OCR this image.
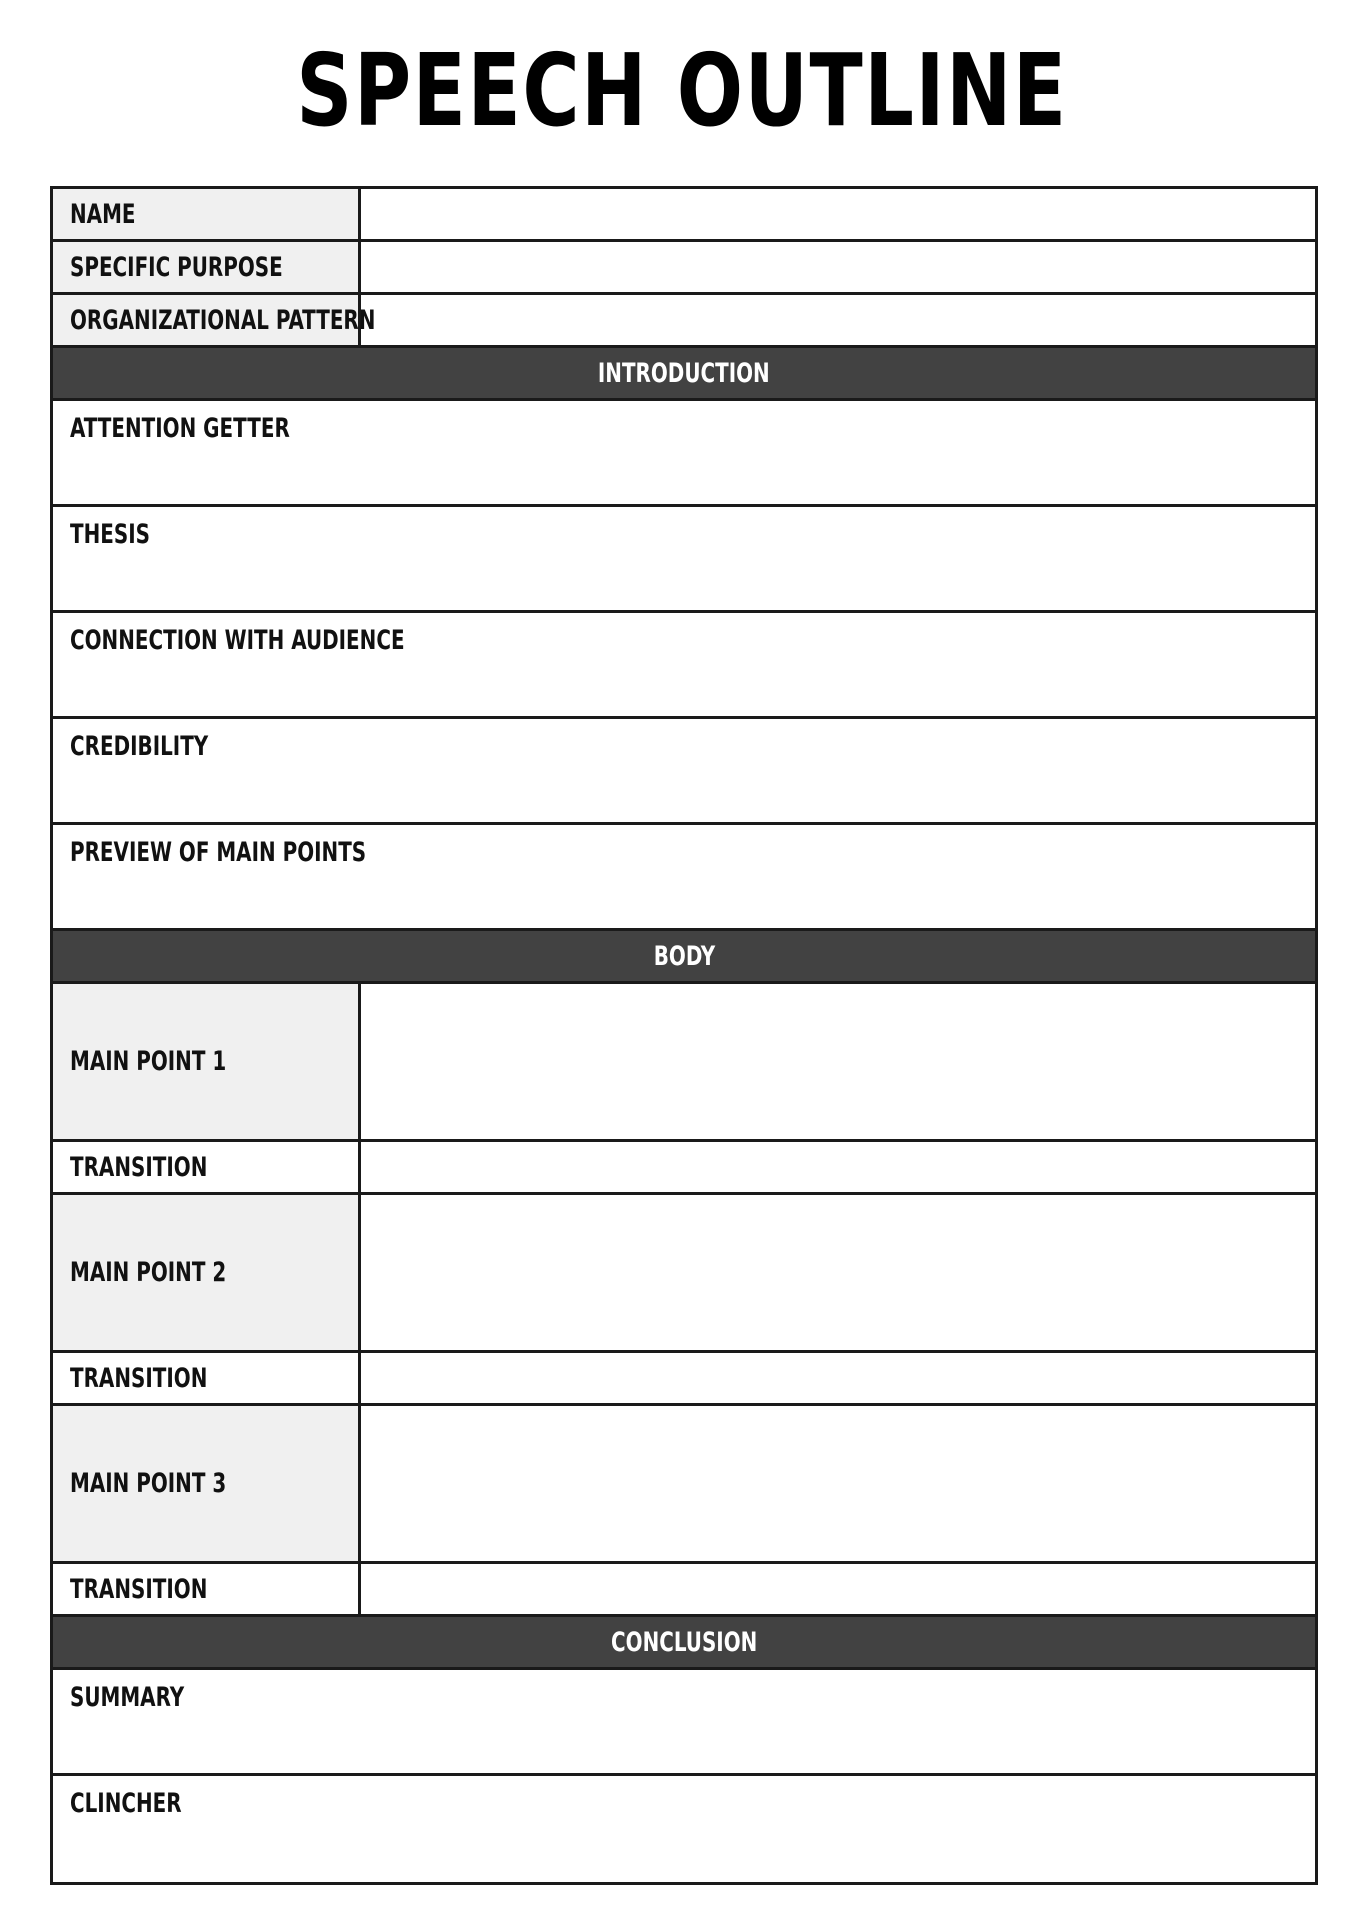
SPEECH OUTLINE
NAME
SPECIFIC PURPOSE
ORGANIZATIONAL PATTERN
INTRODUCTION
ATTENTION GETTER
THESIS
CONNECTION WITH AUDIENCE
CREDIBILITY
PREVIEW OF MAIN POINTS
BODY
MAIN POINT 1
TRANSITION
MAIN POINT 2
TRANSITION
MAIN POINT 3
TRANSITION
CONCLUSION
SUMMARY
CLINCHER
